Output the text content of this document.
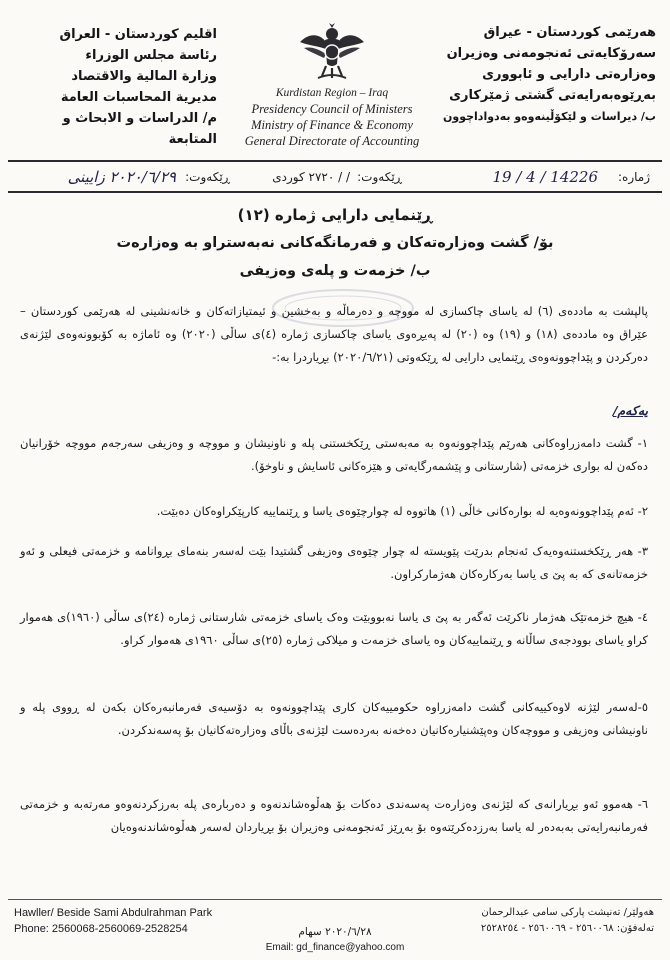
هەرێمی کوردستان - عیراق
سەرۆکایەتی ئەنجومەنی وەزیران
وەزارەتی دارایی و ئابووری
بەڕێوەبەرایەتی گشتی ژمێرکاری
ب/ دیراسات و لێکۆڵینەوەو بەدواداچوون
اقليم كوردستان - العراق
رئاسة مجلس الوزراء
وزارة المالية والاقتصاد
مديرية المحاسبات العامة
م/ الدراسات و الابحاث و المتابعة
Kurdistan Region – Iraq
Presidency Council of Ministers
Ministry of Finance & Economy
General Directorate of Accounting
ژمارە:
19 / 4 / 14226
ڕێکەوت:
/ / ٢٧٢٠ کوردی
ڕێکەوت:
٢٠٢٠/٦/٢٩ زایینی
ڕێنمایی دارایی ژمارە (١٢)
بۆ/ گشت وەزارەتەکان و فەرمانگەکانی نەبەستراو بە وەزارەت
ب/ خزمەت و پلەی وەزیفی
پالپشت بە ماددەی (٦) لە یاسای چاکسازی لە مووچە و دەرماڵە و بەخشین و ئیمتیازاتەکان و خانەنشینی لە هەرێمی کوردستان – عێراق وە ماددەی (١٨) و (١٩) وە (٢٠) لە پەیڕەوی یاسای چاکسازی ژمارە (٤)ی ساڵی (٢٠٢٠) وە ئاماژە بە کۆبوونەوەی لێژنەی دەرکردن و پێداچوونەوەی ڕێنمایی دارایی لە ڕێکەوتی (٢٠٢٠/٦/٢١) بڕیاردرا بە:-
یەکەم/
١- گشت دامەزراوەکانی هەرێم پێداچوونەوە بە مەبەستی ڕێکخستنی پلە و ناونیشان و مووچە و وەزیفی سەرجەم مووچە خۆرانیان دەکەن لە بواری خزمەتی (شارستانی و پێشمەرگایەتی و هێزەکانی ئاسایش و ناوخۆ).
٢- ئەم پێداچوونەوەیە لە بوارەکانی خاڵی (١) هاتووە لە چوارچێوەی یاسا و ڕێنماییە کارپێکراوەکان دەبێت.
٣- هەر ڕێکخستنەوەیەک ئەنجام بدرێت پێویستە لە چوار چێوەی وەزیفی گشتیدا بێت لەسەر بنەمای بڕوانامە و خزمەتی فیعلی و ئەو خزمەتانەی کە بە پێ ی یاسا بەرکارەکان هەژمارکراون.
٤- هیچ خزمەتێک هەژمار ناکرێت ئەگەر بە پێ ی یاسا نەبووبێت وەک یاسای خزمەتی شارستانی ژمارە (٢٤)ی ساڵی (١٩٦٠)ی هەموار کراو یاسای بوودجەی ساڵانە و ڕێنماییەکان وە یاسای خزمەت و میلاکی ژمارە (٢٥)ی ساڵی ١٩٦٠ی هەموار کراو.
٥-لەسەر لێژنە لاوەکییەکانی گشت دامەزراوە حکومییەکان کاری پێداچوونەوە بە دۆسیەی فەرمانبەرەکان بکەن لە ڕووی پلە و ناونیشانی وەزیفی و مووچەکان وەپێشنیارەکانیان دەخەنە بەردەست لێژنەی باڵای وەزارەتەکانیان بۆ پەسەندکردن.
٦- هەموو ئەو بڕیارانەی کە لێژنەی وەزارەت پەسەندی دەکات بۆ هەڵوەشاندنەوە و دەربارەی پلە بەرزکردنەوەو مەرتەبە و خزمەتی فەرمانبەرایەتی بەبەدەر لە یاسا بەرزدەکرێتەوە بۆ بەڕێز ئەنجومەنی وەزیران بۆ بڕیاردان لەسەر هەڵوەشاندنەوەیان
Hawller/ Beside Sami Abdulrahman Park
Phone: 2560068-2560069-2528254
هەولێر/ تەنیشت پارکی سامی عبدالرحمان
تەلەفۆن: ٢٥٦٠٠٦٨ - ٢٥٦٠٠٦٩ - ٢٥٢٨٢٥٤
٢٠٢٠/٦/٢٨ سهام
Email: gd_finance@yahoo.com
